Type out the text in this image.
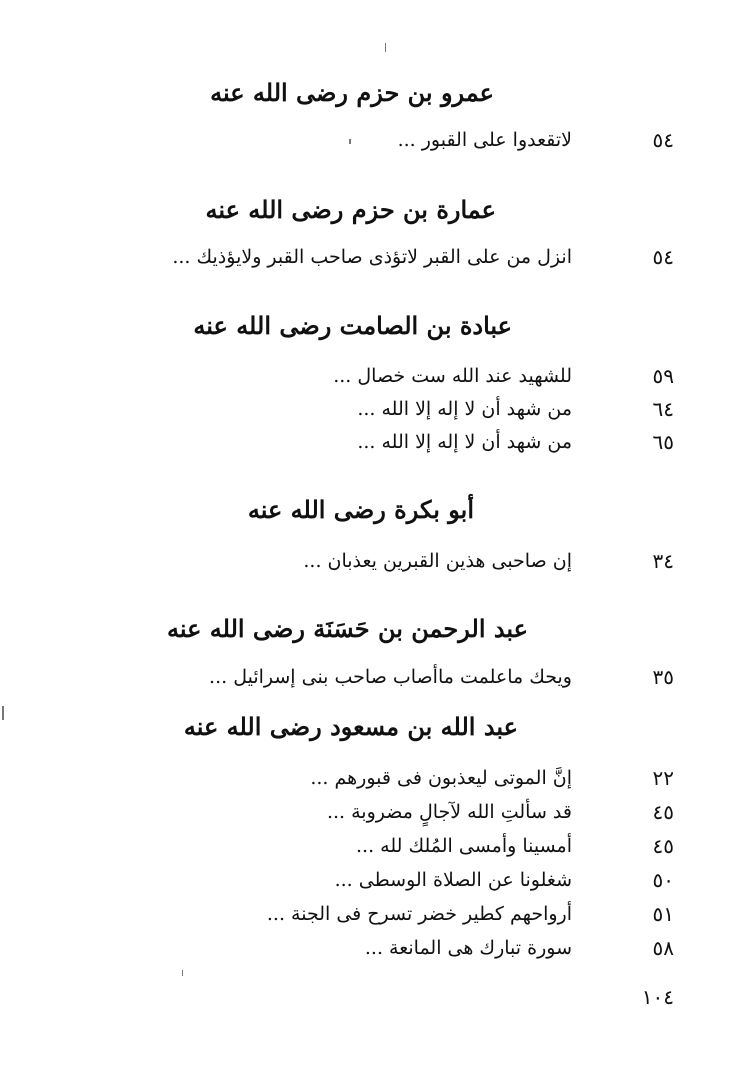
عمرو بن حزم رضى الله عنه
٥٤
لاتقعدوا على القبور ...
عمارة بن حزم رضى الله عنه
٥٤
انزل من على القبر لاتؤذى صاحب القبر ولايؤذيك ...
عبادة بن الصامت رضى الله عنه
٥٩
للشهيد عند الله ست خصال ...
٦٤
من شهد أن لا إله إلا الله ...
٦٥
من شهد أن لا إله إلا الله ...
أبو بكرة رضى الله عنه
٣٤
إن صاحبى هذين القبرين يعذبان ...
عبد الرحمن بن حَسَنَة رضى الله عنه
٣٥
ويحك ماعلمت ماأصاب صاحب بنى إسرائيل ...
عبد الله بن مسعود رضى الله عنه
٢٢
إنَّ الموتى ليعذبون فى قبورهم ...
٤٥
قد سألتِ الله لآجالٍ مضروبة ...
٤٥
أمسينا وأمسى المُلك لله ...
٥٠
شغلونا عن الصلاة الوسطى ...
٥١
أرواحهم كطير خضر تسرح فى الجنة ...
٥٨
سورة تبارك هى المانعة ...
١٠٤
